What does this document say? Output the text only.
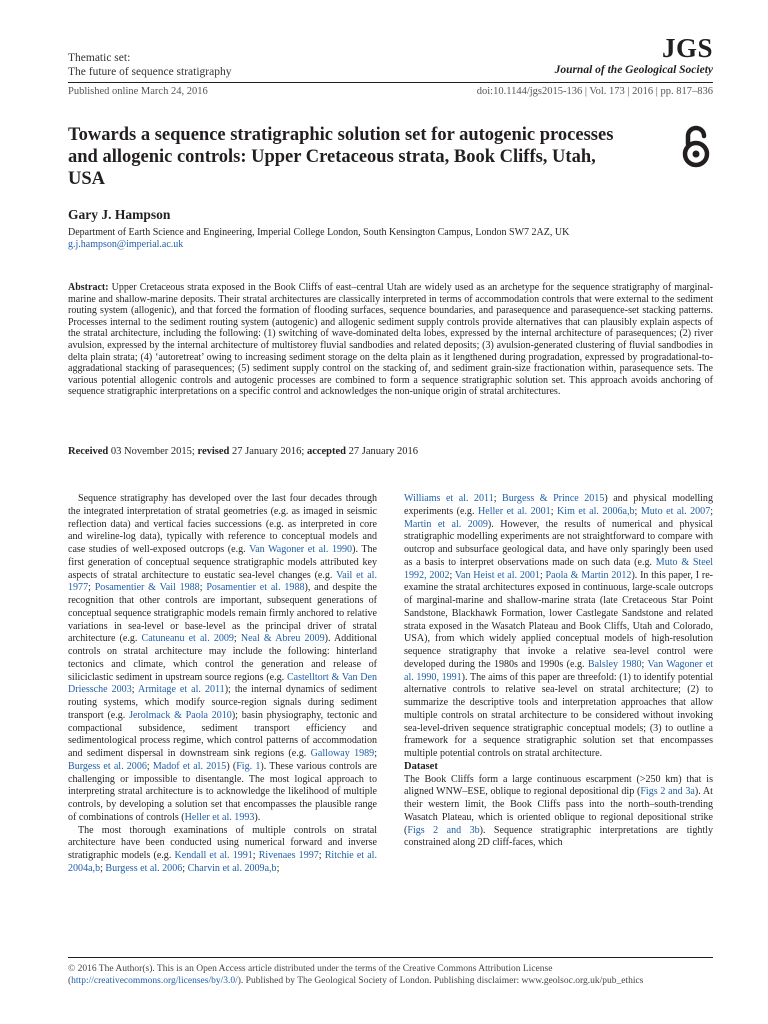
Thematic set:
The future of sequence stratigraphy
JGS
Journal of the Geological Society
Published online March 24, 2016	doi:10.1144/jgs2015-136 | Vol. 173 | 2016 | pp. 817–836
Towards a sequence stratigraphic solution set for autogenic processes and allogenic controls: Upper Cretaceous strata, Book Cliffs, Utah, USA
Gary J. Hampson
Department of Earth Science and Engineering, Imperial College London, South Kensington Campus, London SW7 2AZ, UK
g.j.hampson@imperial.ac.uk
Abstract: Upper Cretaceous strata exposed in the Book Cliffs of east–central Utah are widely used as an archetype for the sequence stratigraphy of marginal-marine and shallow-marine deposits. Their stratal architectures are classically interpreted in terms of accommodation controls that were external to the sediment routing system (allogenic), and that forced the formation of flooding surfaces, sequence boundaries, and parasequence and parasequence-set stacking patterns. Processes internal to the sediment routing system (autogenic) and allogenic sediment supply controls provide alternatives that can plausibly explain aspects of the stratal architecture, including the following: (1) switching of wave-dominated delta lobes, expressed by the internal architecture of parasequences; (2) river avulsion, expressed by the internal architecture of multistorey fluvial sandbodies and related deposits; (3) avulsion-generated clustering of fluvial sandbodies in delta plain strata; (4) ‘autoretreat’ owing to increasing sediment storage on the delta plain as it lengthened during progradation, expressed by progradational-to-aggradational stacking of parasequences; (5) sediment supply control on the stacking of, and sediment grain-size fractionation within, parasequence sets. The various potential allogenic controls and autogenic processes are combined to form a sequence stratigraphic solution set. This approach avoids anchoring of sequence stratigraphic interpretations on a specific control and acknowledges the non-unique origin of stratal architectures.
Received 03 November 2015; revised 27 January 2016; accepted 27 January 2016

Sequence stratigraphy has developed over the last four decades through the integrated interpretation of stratal geometries (e.g. as imaged in seismic reflection data) and vertical facies successions (e.g. as interpreted in core and wireline-log data), typically with reference to conceptual models and case studies of well-exposed outcrops (e.g. Van Wagoner et al. 1990). The first generation of conceptual sequence stratigraphic models attributed key aspects of stratal architecture to eustatic sea-level changes (e.g. Vail et al. 1977; Posamentier & Vail 1988; Posamentier et al. 1988), and despite the recognition that other controls are important, subsequent generations of conceptual sequence stratigraphic models remain firmly anchored to relative variations in sea-level or base-level as the principal driver of stratal architecture (e.g. Catuneanu et al. 2009; Neal & Abreu 2009). Additional controls on stratal architecture may include the following: hinterland tectonics and climate, which control the generation and release of siliciclastic sediment in upstream source regions (e.g. Castelltort & Van Den Driessche 2003; Armitage et al. 2011); the internal dynamics of sediment routing systems, which modify source-region signals during sediment transport (e.g. Jerolmack & Paola 2010); basin physiography, tectonic and compactional subsidence, sediment transport efficiency and sedimentological process regime, which control patterns of accommodation and sediment dispersal in downstream sink regions (e.g. Galloway 1989; Burgess et al. 2006; Madof et al. 2015) (Fig. 1). These various controls are challenging or impossible to disentangle. The most logical approach to interpreting stratal architecture is to acknowledge the likelihood of multiple controls, by developing a solution set that encompasses the plausible range of combinations of controls (Heller et al. 1993).

The most thorough examinations of multiple controls on stratal architecture have been conducted using numerical forward and inverse stratigraphic models (e.g. Kendall et al. 1991; Rivenaes 1997; Ritchie et al. 2004a,b; Burgess et al. 2006; Charvin et al. 2009a,b;

Williams et al. 2011; Burgess & Prince 2015) and physical modelling experiments (e.g. Heller et al. 2001; Kim et al. 2006a,b; Muto et al. 2007; Martin et al. 2009). However, the results of numerical and physical stratigraphic modelling experiments are not straightforward to compare with outcrop and subsurface geological data, and have only sparingly been used as a basis to interpret observations made on such data (e.g. Muto & Steel 1992, 2002; Van Heist et al. 2001; Paola & Martin 2012). In this paper, I re-examine the stratal architectures exposed in continuous, large-scale outcrops of marginal-marine and shallow-marine strata (late Cretaceous Star Point Sandstone, Blackhawk Formation, lower Castlegate Sandstone and related strata exposed in the Wasatch Plateau and Book Cliffs, Utah and Colorado, USA), from which widely applied conceptual models of high-resolution sequence stratigraphy that invoke a relative sea-level control were developed during the 1980s and 1990s (e.g. Balsley 1980; Van Wagoner et al. 1990, 1991). The aims of this paper are threefold: (1) to identify potential alternative controls to relative sea-level on stratal architecture; (2) to summarize the descriptive tools and interpretation approaches that allow multiple controls on stratal architecture to be considered without invoking sea-level-driven sequence stratigraphic conceptual models; (3) to outline a framework for a sequence stratigraphic solution set that encompasses multiple potential controls on stratal architecture.

Dataset

The Book Cliffs form a large continuous escarpment (>250 km) that is aligned WNW–ESE, oblique to regional depositional dip (Figs 2 and 3a). At their western limit, the Book Cliffs pass into the north–south-trending Wasatch Plateau, which is oriented oblique to regional depositional strike (Figs 2 and 3b). Sequence stratigraphic interpretations are tightly constrained along 2D cliff-faces, which

© 2016 The Author(s). This is an Open Access article distributed under the terms of the Creative Commons Attribution License (http://creativecommons.org/licenses/by/3.0/). Published by The Geological Society of London. Publishing disclaimer: www.geolsoc.org.uk/pub_ethics
